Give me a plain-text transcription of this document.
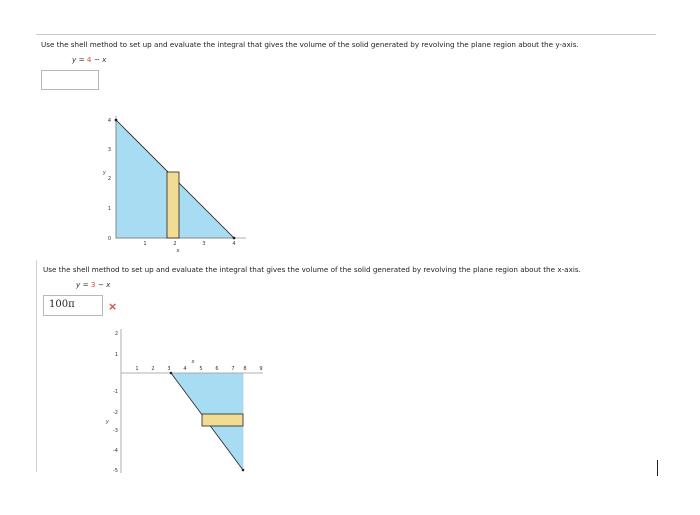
Use the shell method to set up and evaluate the integral that gives the volume of the solid generated by revolving the plane region about the y-axis.
y = 4 − x
4
3
2
1
0
y
1	2	3	4
x
Use the shell method to set up and evaluate the integral that gives the volume of the solid generated by revolving the plane region about the x-axis.
y = 3 − x
100π	×
2
1
-1
-2
-3
-4
-5
y
1	2	3	4	5	6	7 8	9
x
